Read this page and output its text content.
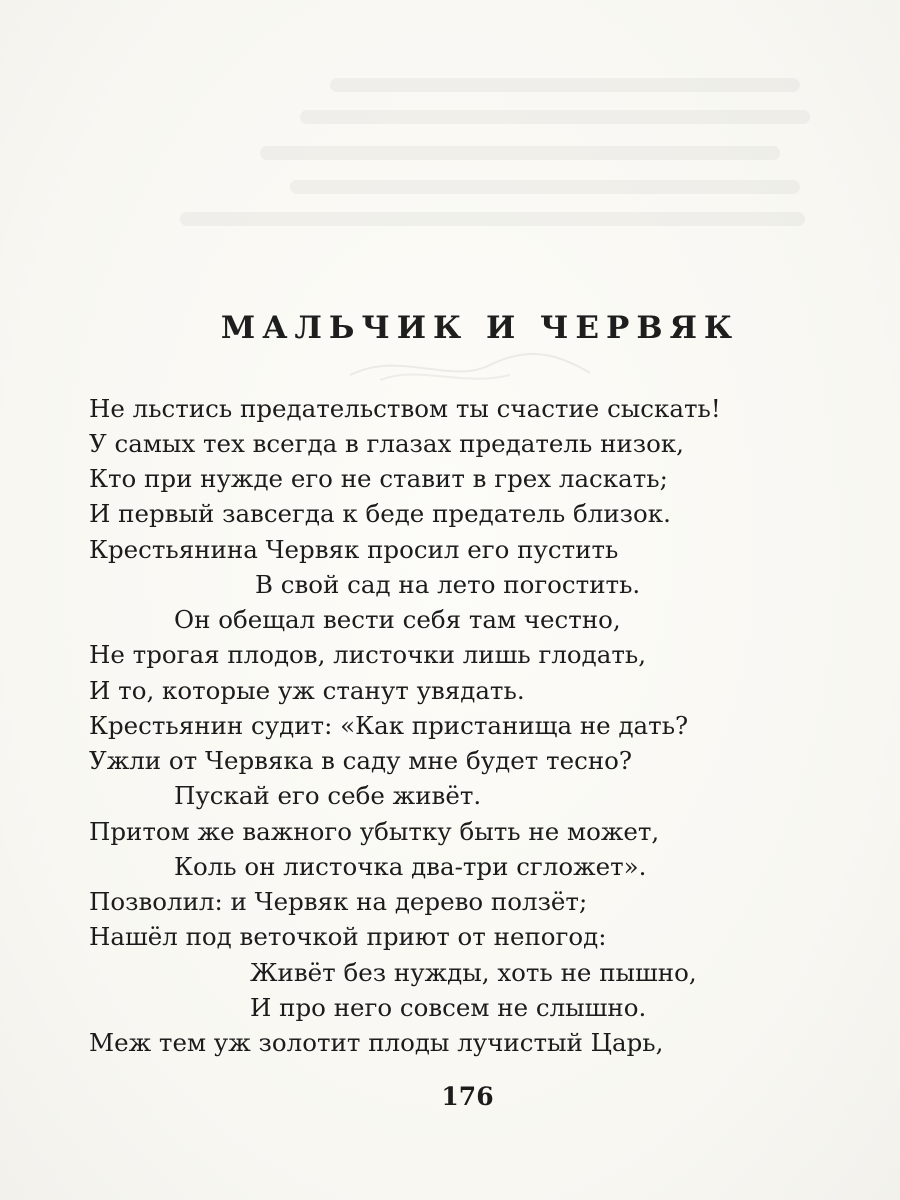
МАЛЬЧИК И ЧЕРВЯК
Не льстись предательством ты счастие сыскать!
У самых тех всегда в глазах предатель низок,
Кто при нужде его не ставит в грех ласкать;
И первый завсегда к беде предатель близок.
Крестьянина Червяк просил его пустить
В свой сад на лето погостить.
Он обещал вести себя там честно,
Не трогая плодов, листочки лишь глодать,
И то, которые уж станут увядать.
Крестьянин судит: «Как пристанища не дать?
Ужли от Червяка в саду мне будет тесно?
Пускай его себе живёт.
Притом же важного убытку быть не может,
Коль он листочка два-три сгложет».
Позволил: и Червяк на дерево ползёт;
Нашёл под веточкой приют от непогод:
Живёт без нужды, хоть не пышно,
И про него совсем не слышно.
Меж тем уж золотит плоды лучистый Царь,
176
